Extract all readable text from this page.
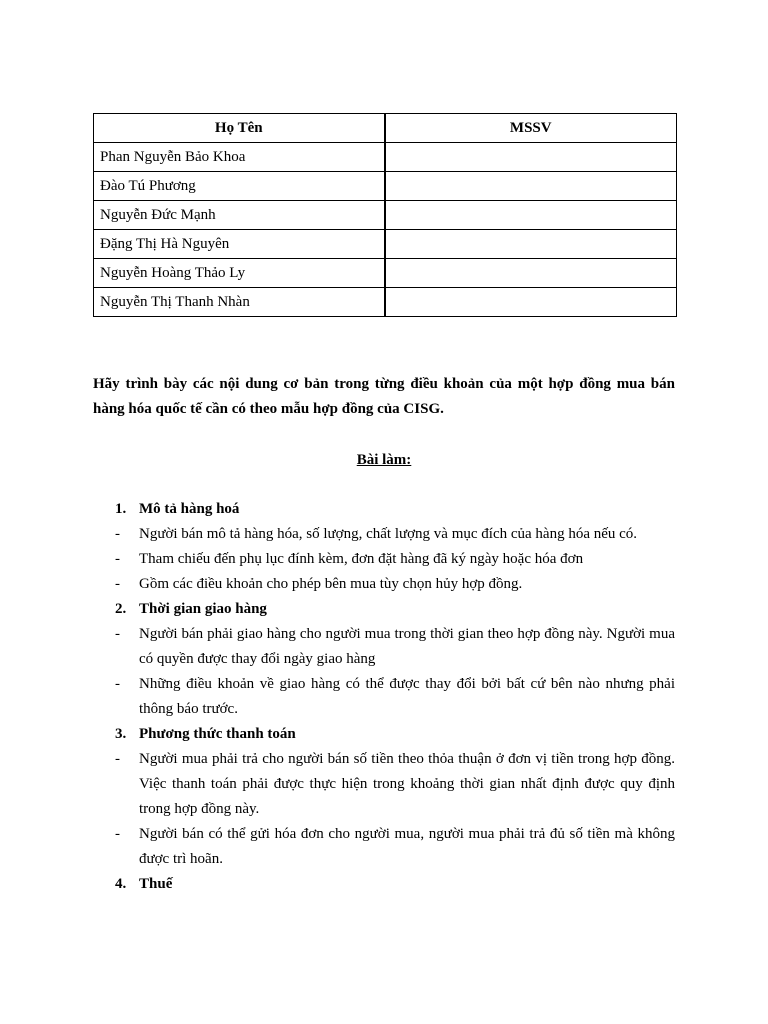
Họ Tên	MSSV
Phan Nguyễn Bảo Khoa	
Đào Tú Phương	
Nguyễn Đức Mạnh	
Đặng Thị Hà Nguyên	
Nguyễn Hoàng Thảo Ly	
Nguyễn Thị Thanh Nhàn	
Hãy trình bày các nội dung cơ bản trong từng điều khoản của một hợp đồng mua bán hàng hóa quốc tế cần có theo mẫu hợp đồng của CISG.
Bài làm:
1. Mô tả hàng hoá
- Người bán mô tả hàng hóa, số lượng, chất lượng và mục đích của hàng hóa nếu có.
- Tham chiếu đến phụ lục đính kèm, đơn đặt hàng đã ký ngày hoặc hóa đơn
- Gồm các điều khoản cho phép bên mua tùy chọn hủy hợp đồng.
2. Thời gian giao hàng
- Người bán phải giao hàng cho người mua trong thời gian theo hợp đồng này. Người mua có quyền được thay đổi ngày giao hàng
- Những điều khoản về giao hàng có thể được thay đổi bởi bất cứ bên nào nhưng phải thông báo trước.
3. Phương thức thanh toán
- Người mua phải trả cho người bán số tiền theo thỏa thuận ở đơn vị tiền trong hợp đồng. Việc thanh toán phải được thực hiện trong khoảng thời gian nhất định được quy định trong hợp đồng này.
- Người bán có thể gửi hóa đơn cho người mua, người mua phải trả đủ số tiền mà không được trì hoãn.
4. Thuế
